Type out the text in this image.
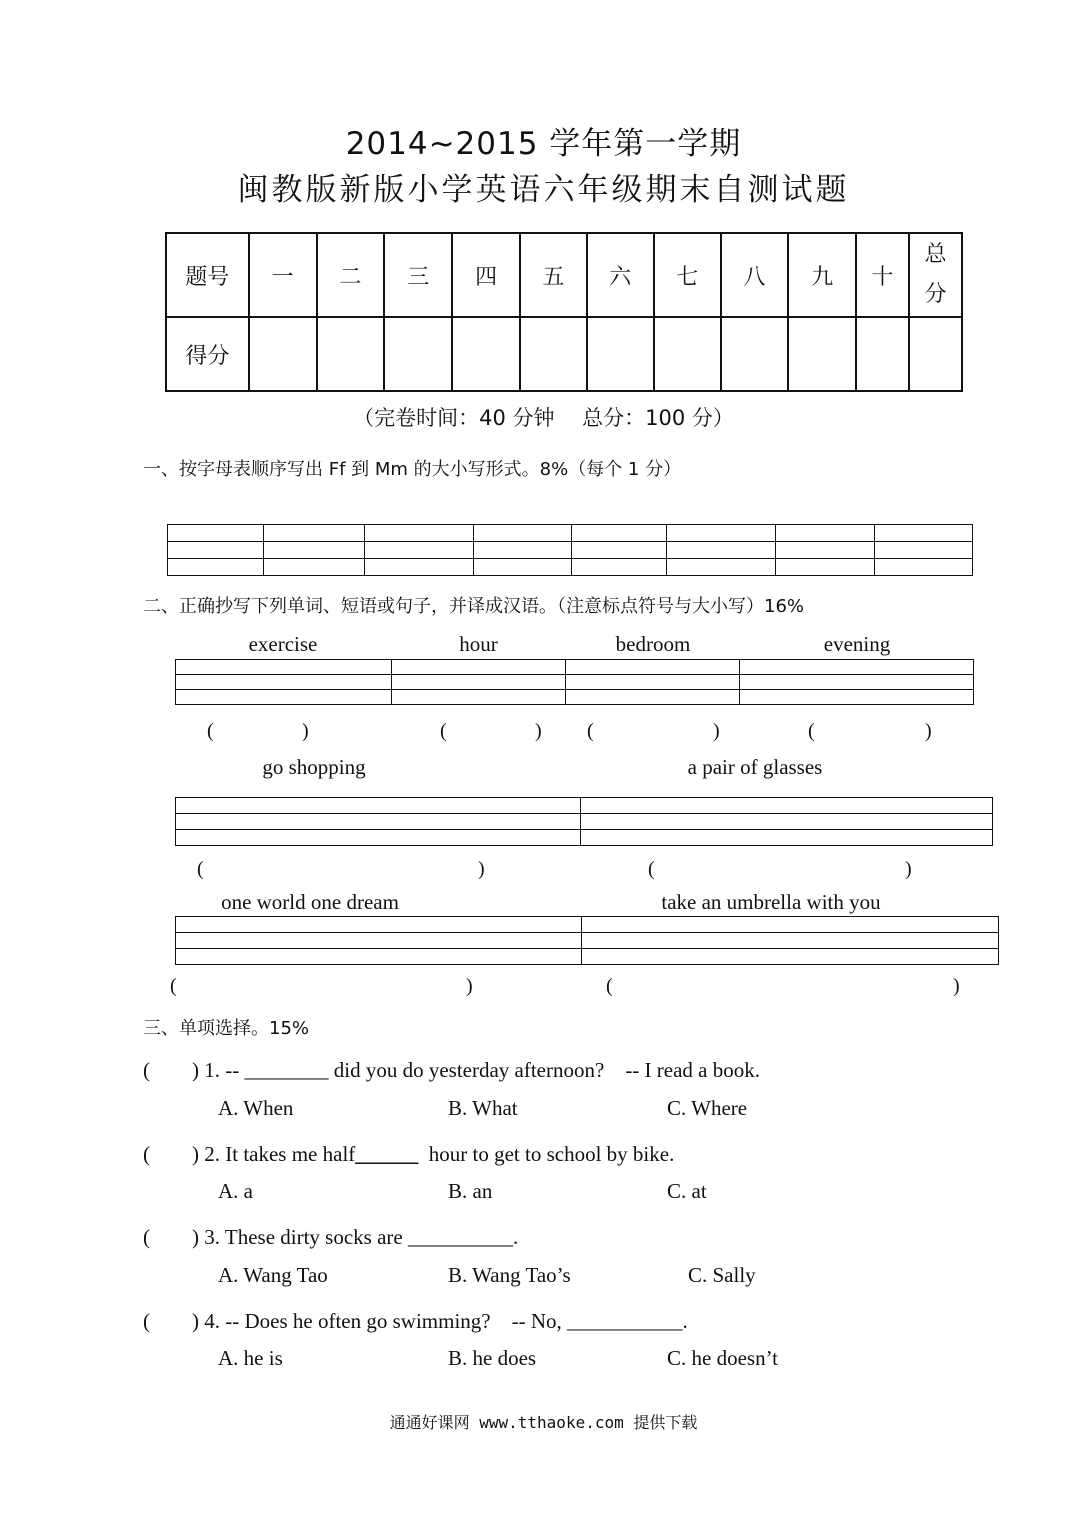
2014~2015 学年第一学期
闽教版新版小学英语六年级期末自测试题
题号	一	二	三	四	五	六	七	八	九	十	总
分
得分											
（完卷时间：40 分钟　 总分：100 分）
一、按字母表顺序写出 Ff 到 Mm 的大小写形式。8%（每个 1 分）

二、正确抄写下列单词、短语或句子，并译成汉语。（注意标点符号与大小写）16%
exercise	hour	bedroom	evening

(	)	(	) (	)	(	)
go shopping	a pair of glasses

(	)	(	)
one world one dream	take an umbrella with you

(	)	(	)
三、单项选择。15%
(　　) 1. -- ________ did you do yesterday afternoon?    -- I read a book.
A. When	B. What	C. Where
(　　) 2. It takes me half______  hour to get to school by bike.
A. a	B. an	C. at
(　　) 3. These dirty socks are __________.
A. Wang Tao	B. Wang Tao’s	C. Sally
(　　) 4. -- Does he often go swimming?    -- No, ___________.
A. he is	B. he does	C. he doesn’t
通通好课网 www.tthaoke.com 提供下载
